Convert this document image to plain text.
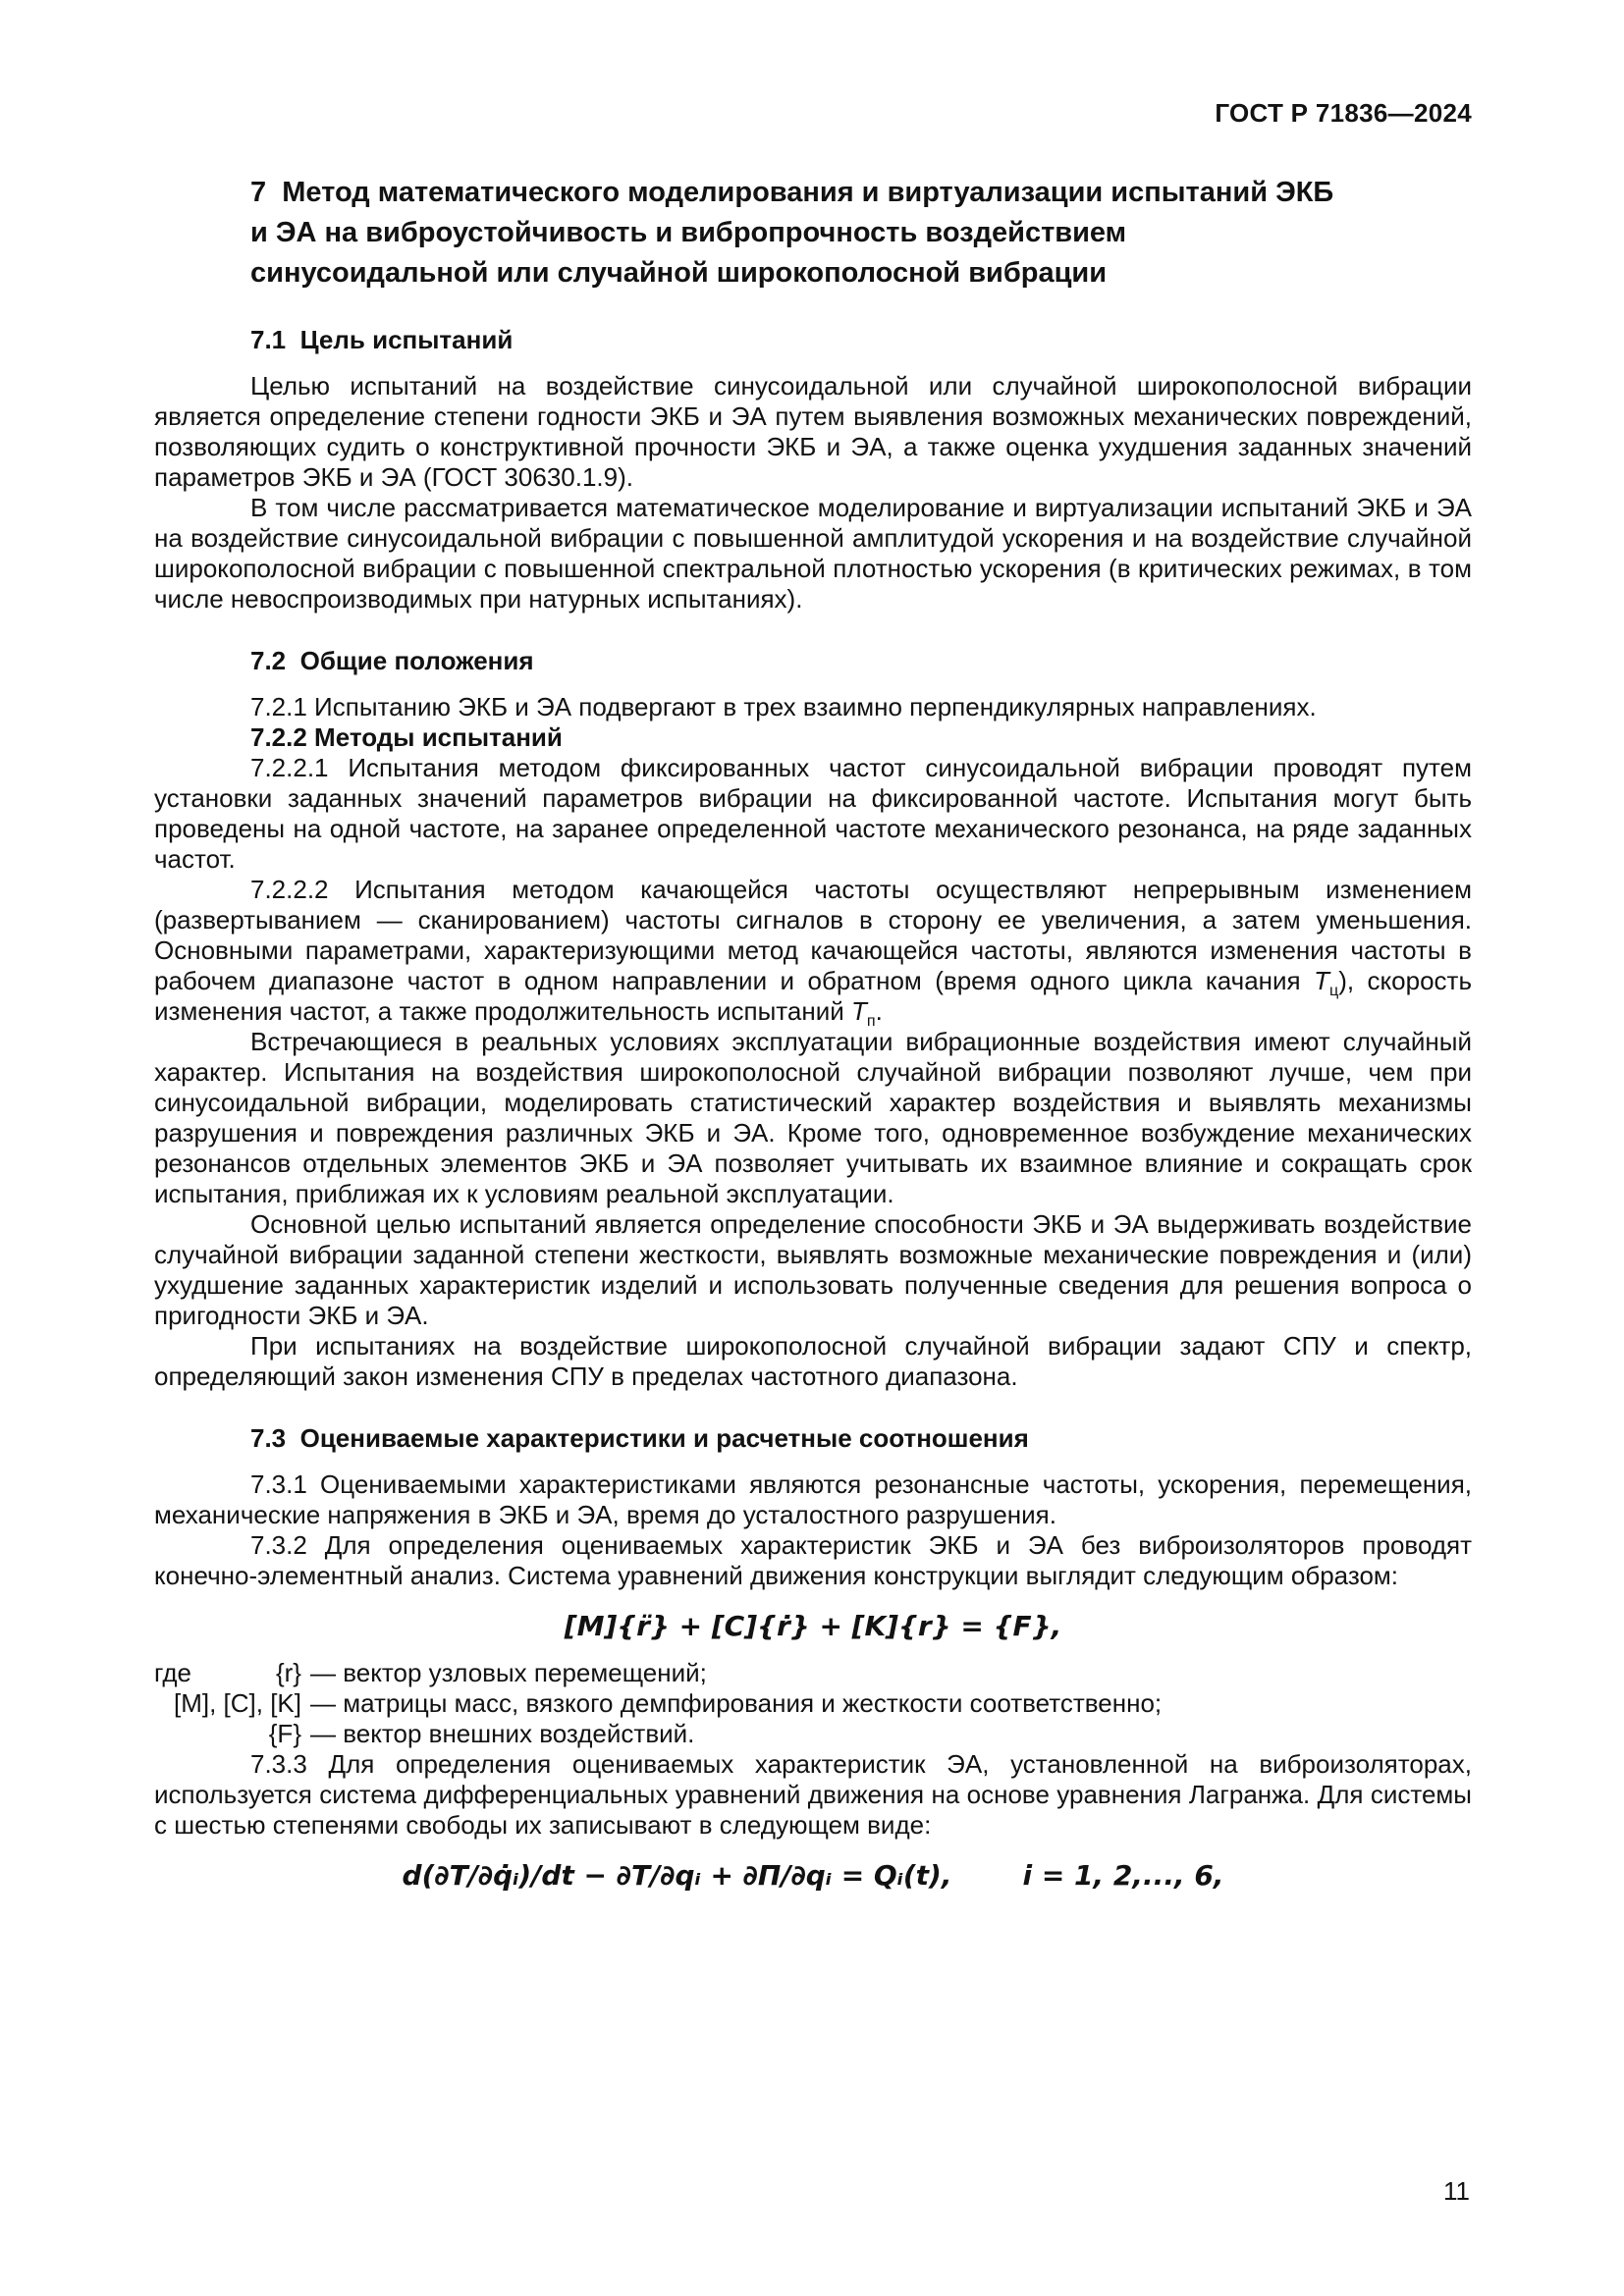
ГОСТ Р 71836—2024
7  Метод математического моделирования и виртуализации испытаний ЭКБ и ЭА на виброустойчивость и вибропрочность воздействием синусоидальной или случайной широкополосной вибрации
7.1  Цель испытаний

Целью испытаний на воздействие синусоидальной или случайной широкополосной вибрации является определение степени годности ЭКБ и ЭА путем выявления возможных механических повреждений, позволяющих судить о конструктивной прочности ЭКБ и ЭА, а также оценка ухудшения заданных значений параметров ЭКБ и ЭА (ГОСТ 30630.1.9).

В том числе рассматривается математическое моделирование и виртуализации испытаний ЭКБ и ЭА на воздействие синусоидальной вибрации с повышенной амплитудой ускорения и на воздействие случайной широкополосной вибрации с повышенной спектральной плотностью ускорения (в критических режимах, в том числе невоспроизводимых при натурных испытаниях).

7.2  Общие положения

7.2.1 Испытанию ЭКБ и ЭА подвергают в трех взаимно перпендикулярных направлениях.

7.2.2 Методы испытаний

7.2.2.1 Испытания методом фиксированных частот синусоидальной вибрации проводят путем установки заданных значений параметров вибрации на фиксированной частоте. Испытания могут быть проведены на одной частоте, на заранее определенной частоте механического резонанса, на ряде заданных частот.

7.2.2.2 Испытания методом качающейся частоты осуществляют непрерывным изменением (развертыванием — сканированием) частоты сигналов в сторону ее увеличения, а затем уменьшения. Основными параметрами, характеризующими метод качающейся частоты, являются изменения частоты в рабочем диапазоне частот в одном направлении и обратном (время одного цикла качания $Т_ц$), скорость изменения частот, а также продолжительность испытаний $Т_п$.

Встречающиеся в реальных условиях эксплуатации вибрационные воздействия имеют случайный характер. Испытания на воздействия широкополосной случайной вибрации позволяют лучше, чем при синусоидальной вибрации, моделировать статистический характер воздействия и выявлять механизмы разрушения и повреждения различных ЭКБ и ЭА. Кроме того, одновременное возбуждение механических резонансов отдельных элементов ЭКБ и ЭА позволяет учитывать их взаимное влияние и сокращать срок испытания, приближая их к условиям реальной эксплуатации.

Основной целью испытаний является определение способности ЭКБ и ЭА выдерживать воздействие случайной вибрации заданной степени жесткости, выявлять возможные механические повреждения и (или) ухудшение заданных характеристик изделий и использовать полученные сведения для решения вопроса о пригодности ЭКБ и ЭА.

При испытаниях на воздействие широкополосной случайной вибрации задают СПУ и спектр, определяющий закон изменения СПУ в пределах частотного диапазона.

7.3  Оцениваемые характеристики и расчетные соотношения

7.3.1 Оцениваемыми характеристиками являются резонансные частоты, ускорения, перемещения, механические напряжения в ЭКБ и ЭА, время до усталостного разрушения.

7.3.2 Для определения оцениваемых характеристик ЭКБ и ЭА без виброизоляторов проводят конечно-элементный анализ. Система уравнений движения конструкции выглядит следующим образом:

[M]{r̈} + [C]{ṙ} + [K]{r} = {F},
где	{r} — вектор узловых перемещений;
[M], [C], [K] — матрицы масс, вязкого демпфирования и жесткости соответственно;
{F} — вектор внешних воздействий.

7.3.3 Для определения оцениваемых характеристик ЭА, установленной на виброизоляторах, используется система дифференциальных уравнений движения на основе уравнения Лагранжа. Для системы с шестью степенями свободы их записывают в следующем виде:

d(∂T/∂q̇ᵢ)/dt − ∂T/∂qᵢ + ∂П/∂qᵢ = Qᵢ(t),	i = 1, 2,..., 6,
11
